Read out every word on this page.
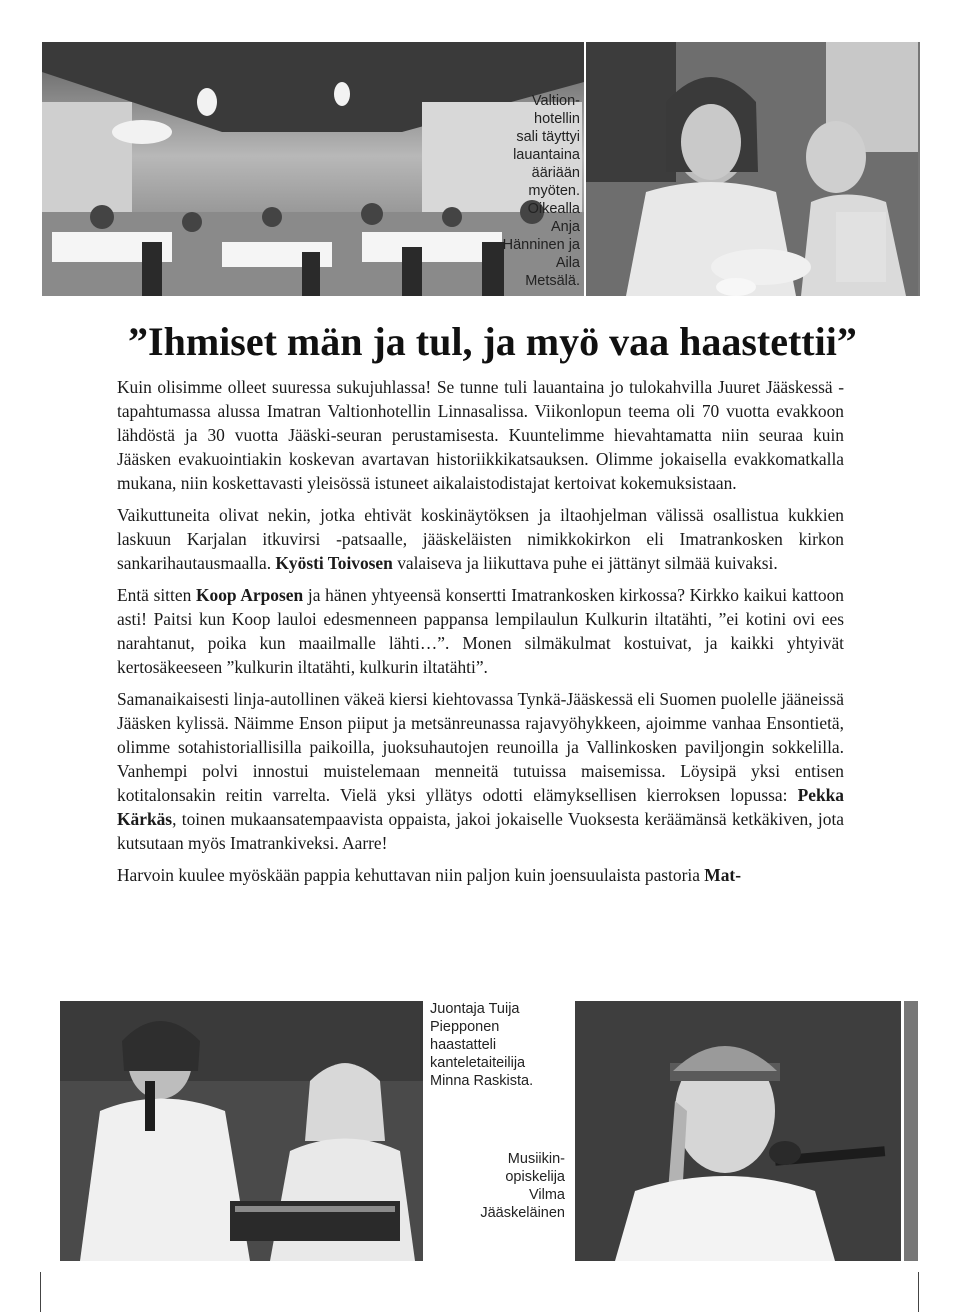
Valtion-
hotellin
sali täyttyi
lauantaina
ääriään
myöten.
Oikealla
Anja
Hänninen ja
Aila
Metsälä.
”Ihmiset män ja tul, ja myö vaa haastettii”

Kuin olisimme olleet suuressa sukujuhlassa! Se tunne tuli lauantaina jo tulokahvilla Juuret Jääskessä -tapahtumassa alussa Imatran Valtionhotellin Linnasalissa. Viikonlopun teema oli 70 vuotta evakkoon lähdöstä ja 30 vuotta Jääski-seuran perustamisesta. Kuuntelimme hievahtamatta niin seuraa kuin Jääsken evakuointiakin koskevan avartavan historiikkikatsauksen. Olimme jokaisella evakkomatkalla mukana, niin koskettavasti yleisössä istuneet aikalaistodistajat kertoivat kokemuksistaan.

Vaikuttuneita olivat nekin, jotka ehtivät koskinäytöksen ja iltaohjelman välissä osallistua kukkien laskuun Karjalan itkuvirsi -patsaalle, jääskeläisten nimikkokirkon eli Imatrankosken kirkon sankarihautausmaalla. Kyösti Toivosen valaiseva ja liikuttava puhe ei jättänyt silmää kuivaksi.

Entä sitten Koop Arposen ja hänen yhtyeensä konsertti Imatrankosken kirkossa? Kirkko kaikui kattoon asti! Paitsi kun Koop lauloi edesmenneen pappansa lempilaulun Kulkurin iltatähti, ”ei kotini ovi ees narahtanut, poika kun maailmalle lähti…”. Monen silmäkulmat kostuivat, ja kaikki yhtyivät kertosäkeeseen ”kulkurin iltatähti, kulkurin iltatähti”.

Samanaikaisesti linja-autollinen väkeä kiersi kiehtovassa Tynkä-Jääskessä eli Suomen puolelle jääneissä Jääsken kylissä. Näimme Enson piiput ja metsänreunassa rajavyöhykkeen, ajoimme vanhaa Ensontietä, olimme sotahistoriallisilla paikoilla, juoksuhautojen reunoilla ja Vallinkosken paviljongin sokkelilla. Vanhempi polvi innostui muistelemaan menneitä tutuissa maisemissa. Löysipä yksi entisen kotitalonsakin reitin varrelta. Vielä yksi yllätys odotti elämyksellisen kierroksen lopussa: Pekka Kärkäs, toinen mukaansatempaavista oppaista, jakoi jokaiselle Vuoksesta keräämänsä ketkäkiven, jota kutsutaan myös Imatrankiveksi. Aarre!

Harvoin kuulee myöskään pappia kehuttavan niin paljon kuin joensuulaista pastoria Mat-

Juontaja Tuija
Piepponen
haastatteli
kanteletaiteilija
Minna Raskista.
Musiikin-
opiskelija
Vilma
Jääskeläinen
